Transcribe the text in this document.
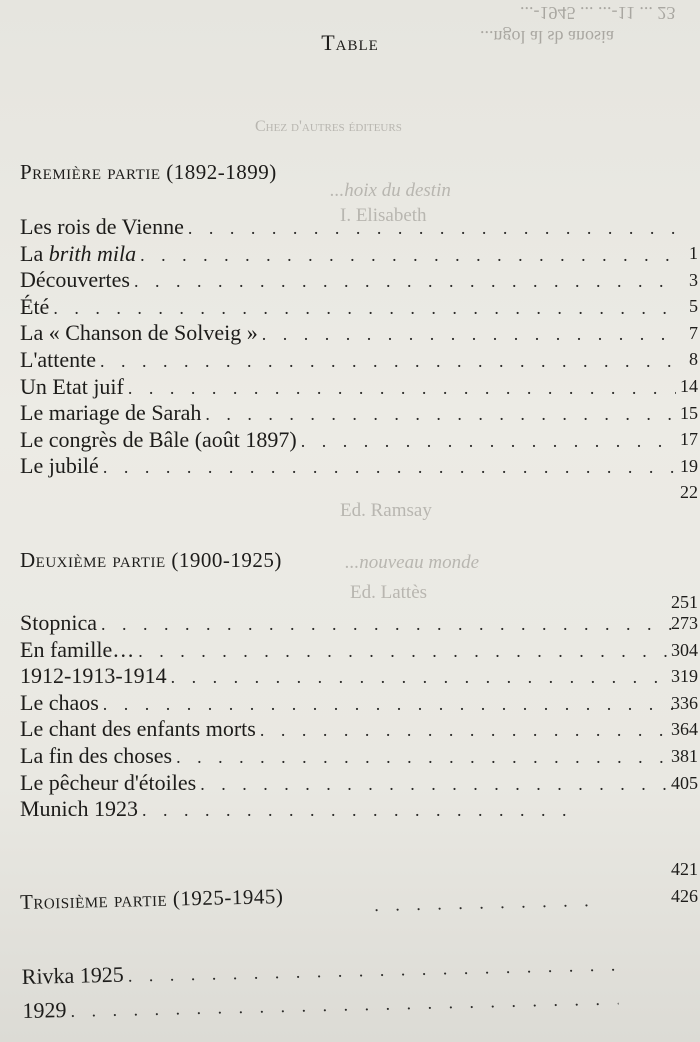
...-1945 ... ...-11 ... 23
...ngol al sb anosia
Chez d'autres éditeurs
...hoix du destin
I. Elisabeth
Ed. Ramsay
...nouveau monde
Ed. Lattès
Table
Première partie (1892-1899)
Les rois de Vienne
. . .
La brith mila
. . .
Découvertes
. . .
Été
. . .
La « Chanson de Solveig »
. . .
L'attente
. . .
Un Etat juif
. . .
Le mariage de Sarah
. . .
Le congrès de Bâle (août 1897)
. . .
Le jubilé
. . .
1
3
5
7
8
14
15
17
19
22
Deuxième partie (1900-1925)
251
Stopnica
. . .
En famille…
. . .
1912-1913-1914
. . .
Le chaos
. . .
Le chant des enfants morts
. . .
La fin des choses
. . .
Le pêcheur d'étoiles
. . .
Munich 1923
. . .
273
304
319
336
364
381
405
Troisième partie (1925-1945)
Rivka 1925
. . .
1929
. . .
. . .
421
426
